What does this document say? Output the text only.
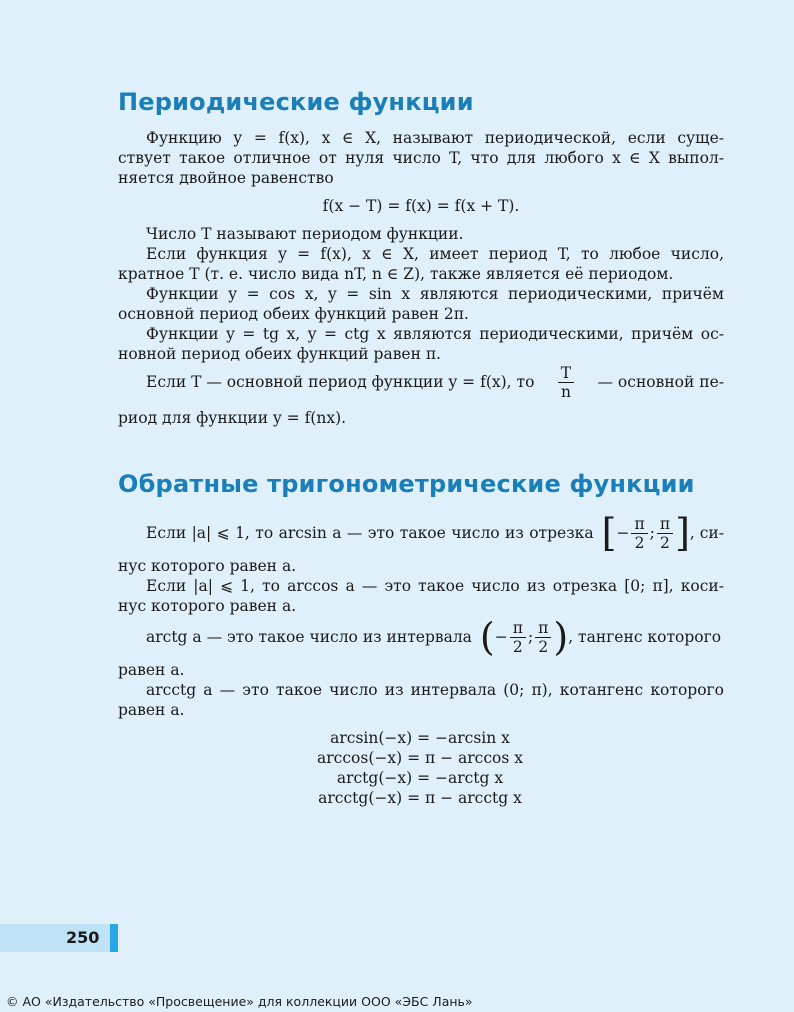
Периодические функции

Функцию y = f(x), x ∈ X, называют периодической, если суще-

ствует такое отличное от нуля число T, что для любого x ∈ X выпол-

няется двойное равенство

f(x − T) = f(x) = f(x + T).

Число T называют периодом функции.

Если функция y = f(x), x ∈ X, имеет период T, то любое число,

кратное T (т. е. число вида nT, n ∈ Z), также является её периодом.

Функции y = cos x, y = sin x являются периодическими, причём

основной период обеих функций равен 2π.

Функции y = tg x, y = ctg x являются периодическими, причём ос-

новной период обеих функций равен π.

Если T — основной период функции y = f(x), то $\frac{T}{n}$ — основной пе-

риод для функции y = f(nx).

Обратные тригонометрические функции
Если |a| ⩽ 1, то arcsin a — это такое число из отрезка [ − $\frac{\pi}{2}$ ; $\frac{\pi}{2}$ ] , си-

нус которого равен a.

Если |a| ⩽ 1, то arccos a — это такое число из отрезка [0; π], коси-

нус которого равен a.

arctg a — это такое число из интервала ( − $\frac{\pi}{2}$ ; $\frac{\pi}{2}$ ) , тангенс которого

равен a.

arcctg a — это такое число из интервала (0; π), котангенс которого

равен a.

arcsin(−x) = −arcsin x
arccos(−x) = π − arccos x
arctg(−x) = −arctg x
arcctg(−x) = π − arcctg x
250
© АО «Издательство «Просвещение» для коллекции ООО «ЭБС Лань»
